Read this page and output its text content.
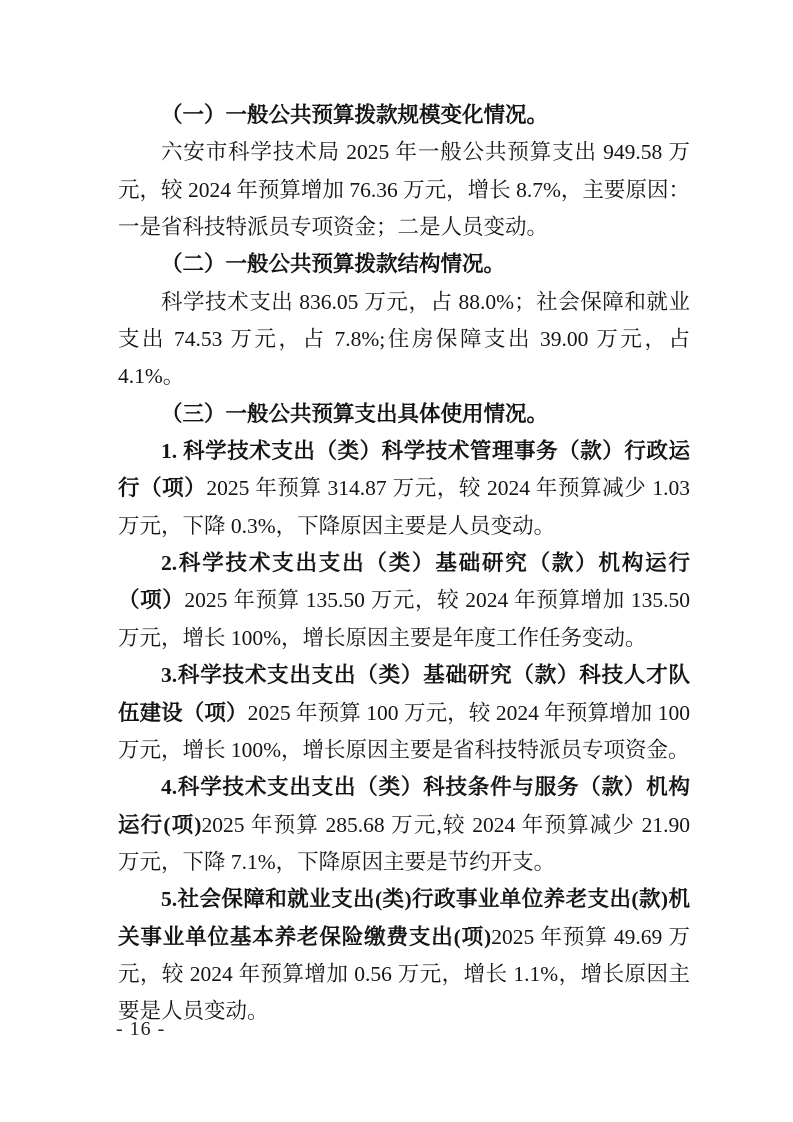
（一）一般公共预算拨款规模变化情况。

六安市科学技术局 2025 年一般公共预算支出 949.58 万元，较 2024 年预算增加 76.36 万元，增长 8.7%，主要原因：一是省科技特派员专项资金；二是人员变动。

（二）一般公共预算拨款结构情况。

科学技术支出 836.05 万元，占 88.0%；社会保障和就业支出 74.53 万元，占 7.8%;住房保障支出 39.00 万元，占 4.1%。

（三）一般公共预算支出具体使用情况。

1. 科学技术支出（类）科学技术管理事务（款）行政运行（项）2025 年预算 314.87 万元，较 2024 年预算减少 1.03 万元，下降 0.3%，下降原因主要是人员变动。

2.科学技术支出支出（类）基础研究（款）机构运行（项）2025 年预算 135.50 万元，较 2024 年预算增加 135.50 万元，增长 100%，增长原因主要是年度工作任务变动。

3.科学技术支出支出（类）基础研究（款）科技人才队伍建设（项）2025 年预算 100 万元，较 2024 年预算增加 100 万元，增长 100%，增长原因主要是省科技特派员专项资金。

4.科学技术支出支出（类）科技条件与服务（款）机构运行(项)2025 年预算 285.68 万元,较 2024 年预算减少 21.90 万元，下降 7.1%，下降原因主要是节约开支。

5.社会保障和就业支出(类)行政事业单位养老支出(款)机关事业单位基本养老保险缴费支出(项)2025 年预算 49.69 万元，较 2024 年预算增加 0.56 万元，增长 1.1%，增长原因主要是人员变动。

- 16 -
